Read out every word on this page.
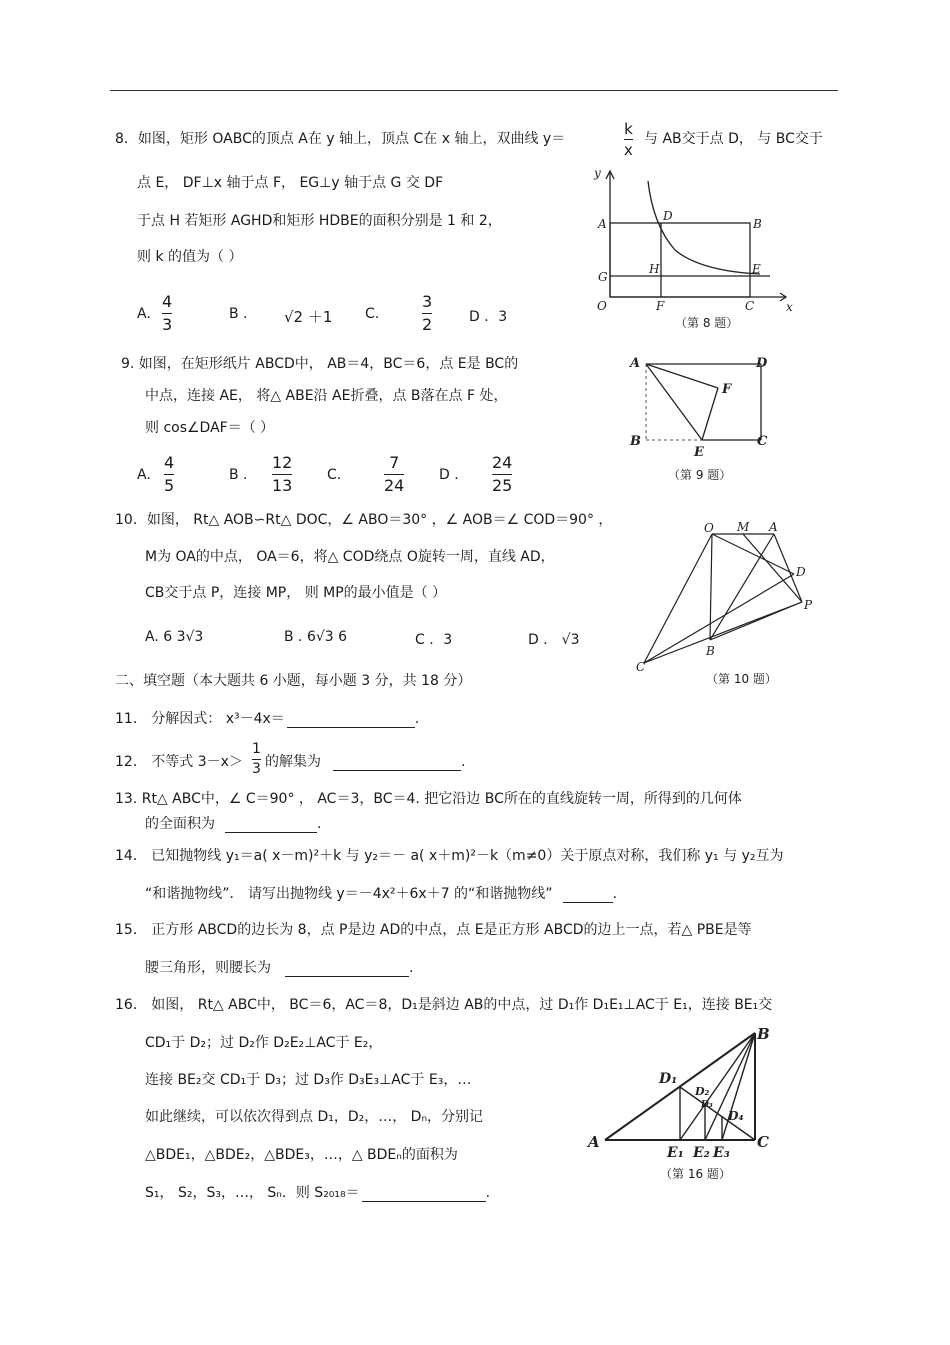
8．如图，矩形 OABC的顶点 A在 y 轴上，顶点 C在 x 轴上，双曲线 y＝
k
x
与 AB交于点 D， 与 BC交于
点 E， DF⊥x 轴于点 F， EG⊥y 轴于点 G 交 DF
于点 H 若矩形 AGHD和矩形 HDBE的面积分别是 1 和 2，
则 k 的值为（ ）
A.
4
3
B . √2 ＋1 C.
3
2	D ．3
y
x
A	B
D
G
H	E
O	F	C
（第 8 题）
9. 如图，在矩形纸片 ABCD中， AB＝4，BC＝6，点 E是 BC的
中点，连接 AE， 将△ ABE沿 AE折叠，点 B落在点 F 处，
则 cos∠DAF＝（ ）
A.
4
5
B .
12
13
C.
7
24
D .
24
25
A	D
F
B
E
C
（第 9 题）
10．如图， Rt△ AOB∽Rt△ DOC，∠ ABO＝30° ，∠ AOB＝∠ COD＝90° ，
M为 OA的中点， OA＝6，将△ COD绕点 O旋转一周，直线 AD，
CB交于点 P，连接 MP， 则 MP的最小值是（ ）
A. 6 3√3	B . 6√3 6	C ．3	D ． √3
O M A
D
P
C
B
（第 10 题）
二、填空题（本大题共 6 小题，每小题 3 分，共 18 分）
11． 分解因式： x³－4x＝	.
12． 不等式 3－x＞
1
3 的解集为	.
13. Rt△ ABC中，∠ C＝90° ， AC＝3，BC＝4. 把它沿边 BC所在的直线旋转一周，所得到的几何体
的全面积为	.
14． 已知抛物线 y₁＝a( x－m)²＋k 与 y₂＝－ a( x＋m)²－k（m≠0）关于原点对称，我们称 y₁ 与 y₂互为
“和谐抛物线”． 请写出抛物线 y＝－4x²＋6x＋7 的“和谐抛物线”	.
15． 正方形 ABCD的边长为 8，点 P是边 AD的中点，点 E是正方形 ABCD的边上一点，若△ PBE是等
腰三角形，则腰长为	.
16． 如图， Rt△ ABC中， BC＝6，AC＝8，D₁是斜边 AB的中点，过 D₁作 D₁E₁⊥AC于 E₁，连接 BE₁交
CD₁于 D₂；过 D₂作 D₂E₂⊥AC于 E₂，
连接 BE₂交 CD₁于 D₃；过 D₃作 D₃E₃⊥AC于 E₃，…
如此继续，可以依次得到点 D₁，D₂，…， Dₙ，分别记
△BDE₁，△BDE₂，△BDE₃，…，△ BDEₙ的面积为
S₁， S₂，S₃，…， Sₙ．则 S₂₀₁₈＝	.
B
D₁
D₂
D₃
D₄
A
E₁ E₂ E₃
C
（第 16 题）
